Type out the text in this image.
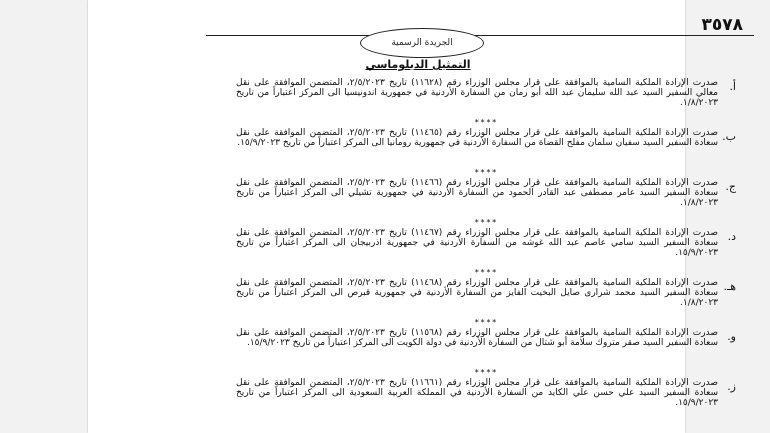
٣٥٧٨
الجريدة الرسمية
التمثيل الدبلوماسي
أ.
صدرت الإرادة الملكية السامية بالموافقة على قرار مجلس الوزراء رقم (١١٦٢٨) تاريخ ٢/٥/٢٠٢٣، المتضمن الموافقة على نقل معالي السفير السيد عبد الله سليمان عبد الله أبو رمان من السفارة الأردنية في جمهورية اندونيسيا الى المركز اعتباراً من تاريخ ١/٨/٢٠٢٣.
****
ب.
صدرت الإرادة الملكية السامية بالموافقة على قرار مجلس الوزراء رقم (١١٤٦٥) تاريخ ٢/٥/٢٠٢٣، المتضمن الموافقة على نقل سعادة السفير السيد سفيان سلمان مفلح القضاة من السفارة الأردنية في جمهورية رومانيا الى المركز اعتباراً من تاريخ ١٥/٩/٢٠٢٣.
****
ج.
صدرت الإرادة الملكية السامية بالموافقة على قرار مجلس الوزراء رقم (١١٤٦٦) تاريخ ٢/٥/٢٠٢٣، المتضمن الموافقة على نقل سعادة السفير السيد عامر مصطفى عبد القادر الحمود من السفارة الأردنية في جمهورية تشيلي الى المركز اعتباراً من تاريخ ١/٨/٢٠٢٣.
****
د.
صدرت الإرادة الملكية السامية بالموافقة على قرار مجلس الوزراء رقم (١١٤٦٧) تاريخ ٢/٥/٢٠٢٣، المتضمن الموافقة على نقل سعادة السفير السيد سامي عاصم عبد الله غوشه من السفارة الأردنية في جمهورية اذربيجان الى المركز اعتباراً من تاريخ ١٥/٩/٢٠٢٣.
****
هـ.
صدرت الإرادة الملكية السامية بالموافقة على قرار مجلس الوزراء رقم (١١٤٦٨) تاريخ ٢/٥/٢٠٢٣، المتضمن الموافقة على نقل سعادة السفير السيد محمد شرارى صايل البخيت الفايز من السفارة الأردنية في جمهورية قبرص الى المركز اعتباراً من تاريخ ١/٨/٢٠٢٣.
****
و.
صدرت الإرادة الملكية السامية بالموافقة على قرار مجلس الوزراء رقم (١١٥٦٨) تاريخ ٢/٥/٢٠٢٣، المتضمن الموافقة على نقل سعادة السفير السيد صقر متروك سلامة أبو شتال من السفارة الأردنية في دولة الكويت الى المركز اعتباراً من تاريخ ١٥/٩/٢٠٢٣.
****
ز.
صدرت الإرادة الملكية السامية بالموافقة على قرار مجلس الوزراء رقم (١١٦٦١) تاريخ ٢/٥/٢٠٢٣، المتضمن الموافقة على نقل سعادة السفير السيد علي حسن علي الكايد من السفارة الأردنية في المملكة العربية السعودية الى المركز اعتباراً من تاريخ ١٥/٩/٢٠٢٣.
